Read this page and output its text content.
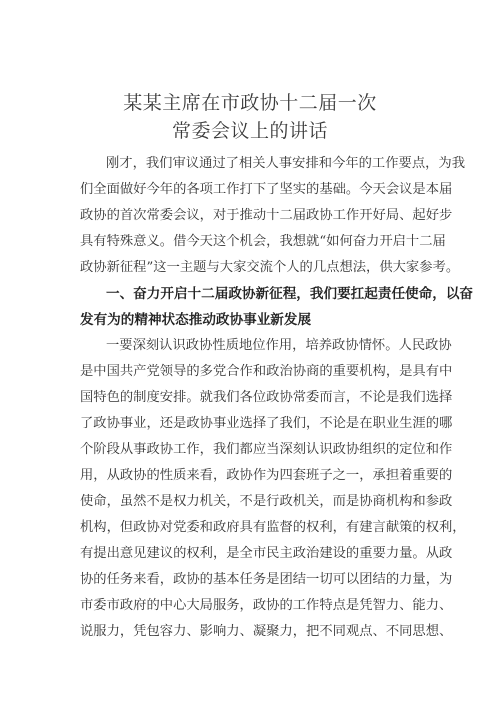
某某主席在市政协十二届一次
常委会议上的讲话
刚才，我们审议通过了相关人事安排和今年的工作要点，为我
们全面做好今年的各项工作打下了坚实的基础。今天会议是本届
政协的首次常委会议，对于推动十二届政协工作开好局、起好步
具有特殊意义。借今天这个机会，我想就“如何奋力开启十二届
政协新征程”这一主题与大家交流个人的几点想法，供大家参考。
一、奋力开启十二届政协新征程，我们要扛起责任使命，以奋
发有为的精神状态推动政协事业新发展
一要深刻认识政协性质地位作用，培养政协情怀。人民政协
是中国共产党领导的多党合作和政治协商的重要机构，是具有中
国特色的制度安排。就我们各位政协常委而言，不论是我们选择
了政协事业，还是政协事业选择了我们，不论是在职业生涯的哪
个阶段从事政协工作，我们都应当深刻认识政协组织的定位和作
用，从政协的性质来看，政协作为四套班子之一，承担着重要的
使命，虽然不是权力机关，不是行政机关，而是协商机构和参政
机构，但政协对党委和政府具有监督的权利，有建言献策的权利，
有提出意见建议的权利，是全市民主政治建设的重要力量。从政
协的任务来看，政协的基本任务是团结一切可以团结的力量，为
市委市政府的中心大局服务，政协的工作特点是凭智力、能力、
说服力，凭包容力、影响力、凝聚力，把不同观点、不同思想、
